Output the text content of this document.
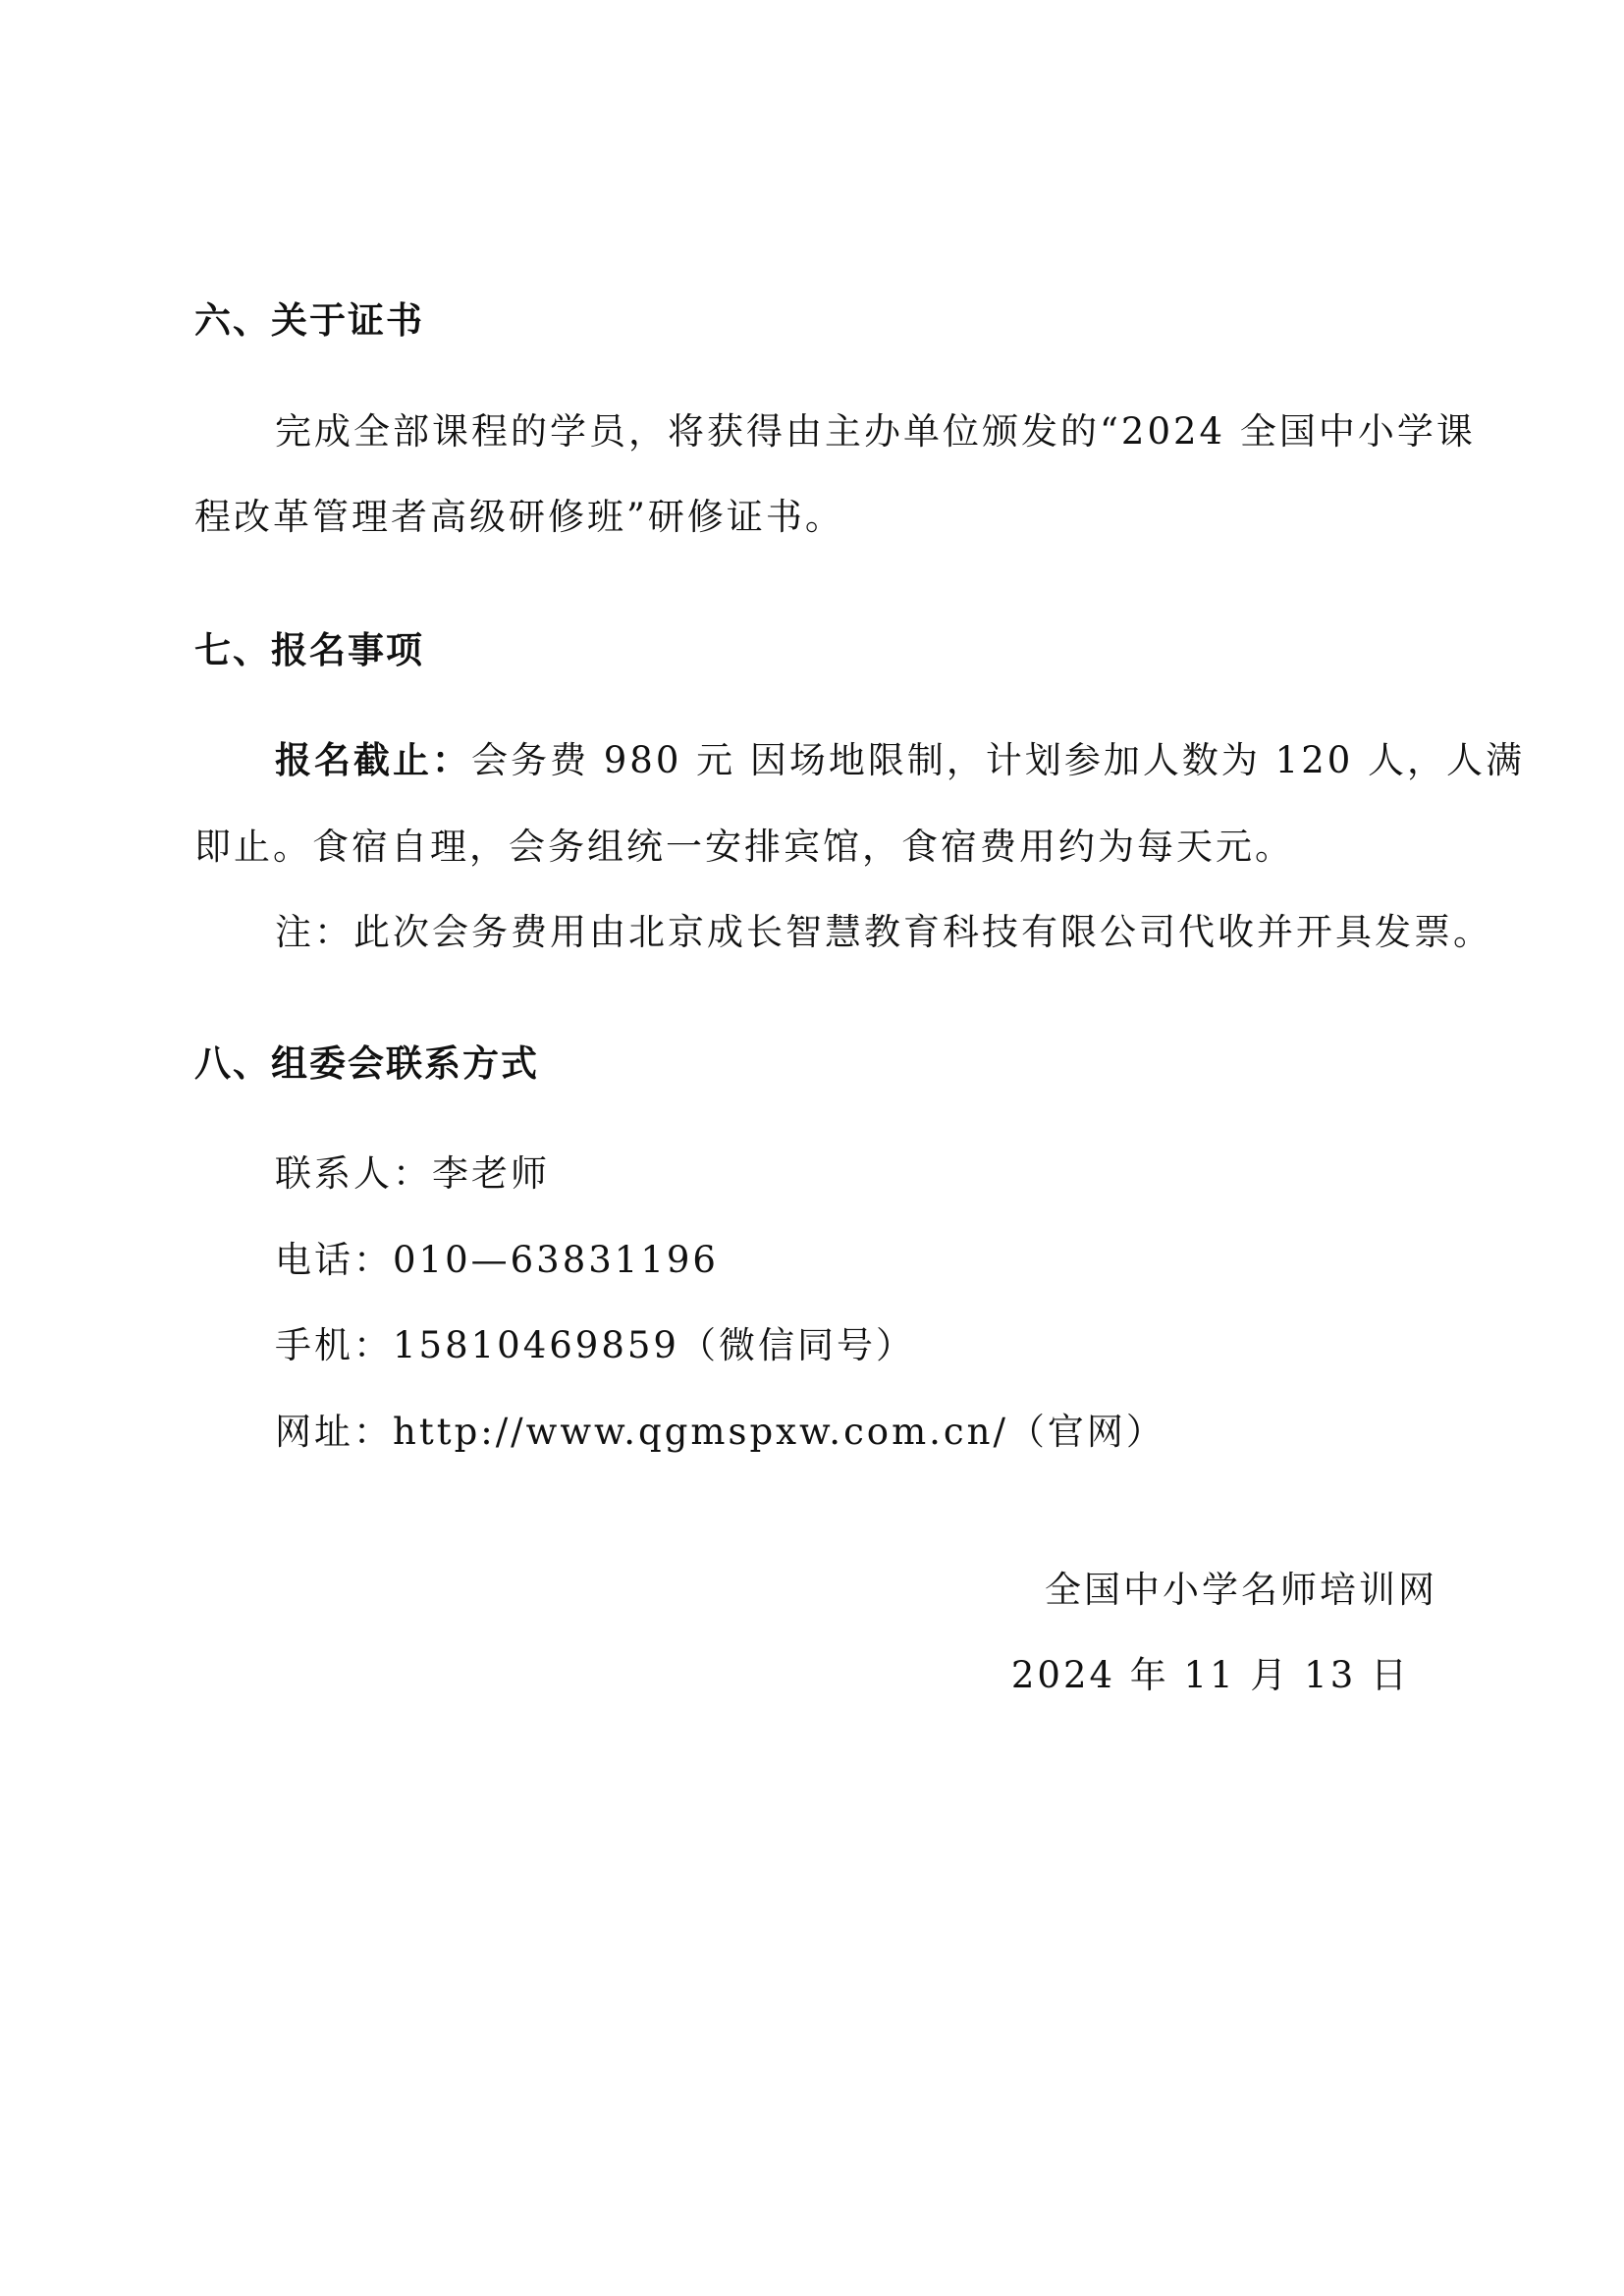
六、关于证书
完成全部课程的学员，将获得由主办单位颁发的“2024 全国中小学课
程改革管理者高级研修班”研修证书。
七、报名事项
报名截止：会务费 980 元 因场地限制，计划参加人数为 120 人，人满
即止。食宿自理，会务组统一安排宾馆，食宿费用约为每天元。
注：此次会务费用由北京成长智慧教育科技有限公司代收并开具发票。
八、组委会联系方式
联系人：李老师
电话：010—63831196
手机：15810469859（微信同号）
网址：http://www.qgmspxw.com.cn/（官网）
全国中小学名师培训网
2024 年 11 月 13 日
